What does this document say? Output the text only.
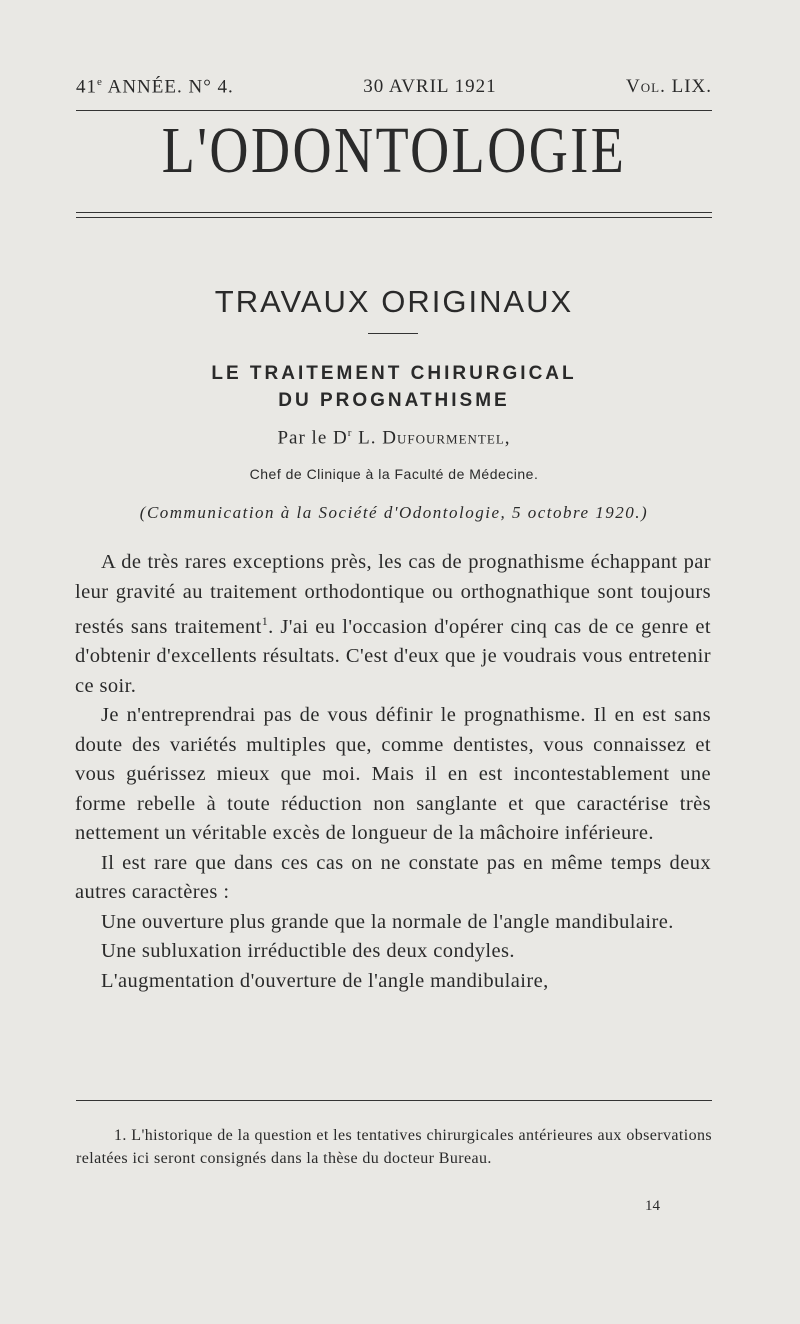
41e ANNÉE. N° 4.	30 AVRIL 1921	Vol. LIX.
L'ODONTOLOGIE
TRAVAUX ORIGINAUX
LE TRAITEMENT CHIRURGICAL
DU PROGNATHISME
Par le $D^r$ L. Dufourmentel,
Chef de Clinique à la Faculté de Médecine.
(Communication à la Société d'Odontologie, 5 octobre 1920.)

A de très rares exceptions près, les cas de prognathisme échappant par leur gravité au traitement orthodontique ou orthognathique sont toujours restés sans traitement$^1$. J'ai eu l'occasion d'opérer cinq cas de ce genre et d'obtenir d'excellents résultats. C'est d'eux que je voudrais vous entretenir ce soir.

Je n'entreprendrai pas de vous définir le prognathisme. Il en est sans doute des variétés multiples que, comme dentistes, vous connaissez et vous guérissez mieux que moi. Mais il en est incontestablement une forme rebelle à toute réduction non sanglante et que caractérise très nettement un véritable excès de longueur de la mâchoire inférieure.

Il est rare que dans ces cas on ne constate pas en même temps deux autres caractères :

Une ouverture plus grande que la normale de l'angle mandibulaire.

Une subluxation irréductible des deux condyles.

L'augmentation d'ouverture de l'angle mandibulaire,

1. L'historique de la question et les tentatives chirurgicales antérieures aux observations relatées ici seront consignés dans la thèse du docteur Bureau.
14
